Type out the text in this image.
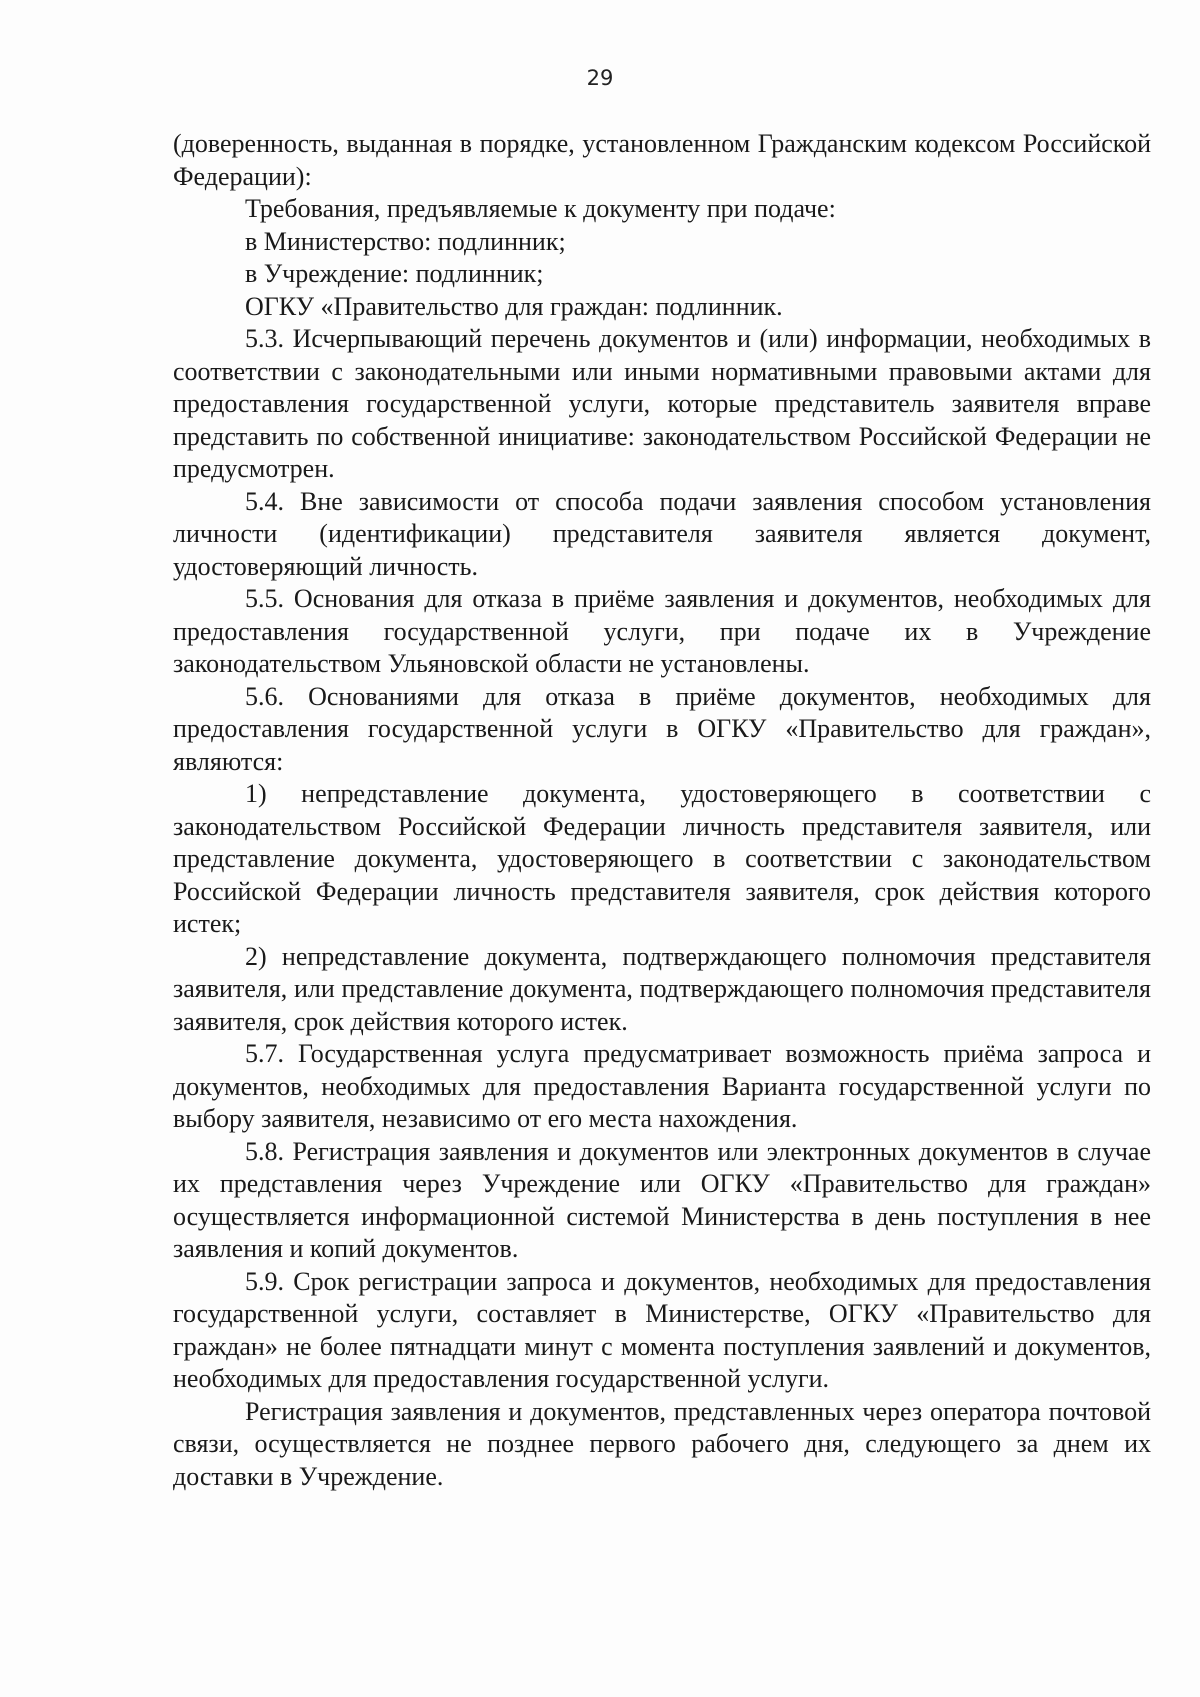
29

(доверенность, выданная в порядке, установленном Гражданским кодексом Российской Федерации):

Требования, предъявляемые к документу при подаче:

в Министерство: подлинник;

в Учреждение: подлинник;

ОГКУ «Правительство для граждан: подлинник.

5.3. Исчерпывающий перечень документов и (или) информации, необходимых в соответствии с законодательными или иными нормативными правовыми актами для предоставления государственной услуги, которые представитель заявителя вправе представить по собственной инициативе: законодательством Российской Федерации не предусмотрен.

5.4. Вне зависимости от способа подачи заявления способом установления личности (идентификации) представителя заявителя является документ, удостоверяющий личность.

5.5. Основания для отказа в приёме заявления и документов, необходимых для предоставления государственной услуги, при подаче их в Учреждение законодательством Ульяновской области не установлены.

5.6. Основаниями для отказа в приёме документов, необходимых для предоставления государственной услуги в ОГКУ «Правительство для граждан», являются:

1) непредставление документа, удостоверяющего в соответствии с законодательством Российской Федерации личность представителя заявителя, или представление документа, удостоверяющего в соответствии с законодательством Российской Федерации личность представителя заявителя, срок действия которого истек;

2) непредставление документа, подтверждающего полномочия представителя заявителя, или представление документа, подтверждающего полномочия представителя заявителя, срок действия которого истек.

5.7. Государственная услуга предусматривает возможность приёма запроса и документов, необходимых для предоставления Варианта государственной услуги по выбору заявителя, независимо от его места нахождения.

5.8. Регистрация заявления и документов или электронных документов в случае их представления через Учреждение или ОГКУ «Правительство для граждан» осуществляется информационной системой Министерства в день поступления в нее заявления и копий документов.

5.9. Срок регистрации запроса и документов, необходимых для предоставления государственной услуги, составляет в Министерстве, ОГКУ «Правительство для граждан» не более пятнадцати минут с момента поступления заявлений и документов, необходимых для предоставления государственной услуги.

Регистрация заявления и документов, представленных через оператора почтовой связи, осуществляется не позднее первого рабочего дня, следующего за днем их доставки в Учреждение.
